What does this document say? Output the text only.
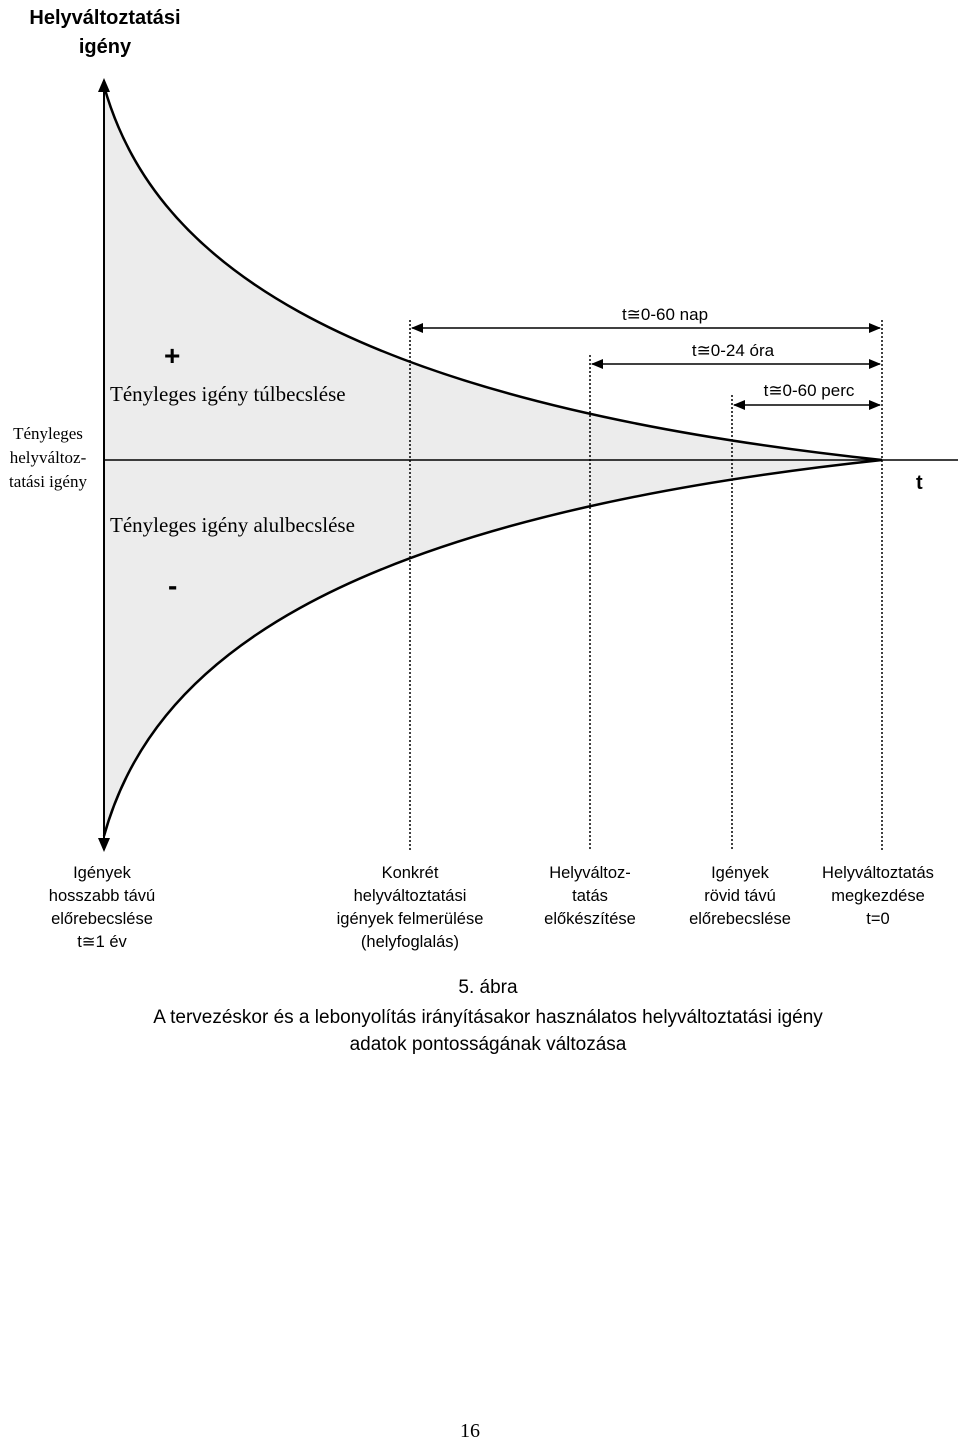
Helyváltoztatási
igény
Tényleges
helyváltoz-
tatási igény	t
+
-
Tényleges igény túlbecslése
Tényleges igény alulbecslése
t≅0-60 nap
t≅0-24 óra
t≅0-60 perc
Igények
hosszabb távú
előrebecslése
t≅1 év
Konkrét
helyváltoztatási
igények felmerülése
(helyfoglalás)
Helyváltoz-
tatás
előkészítése
Igények
rövid távú
előrebecslése
Helyváltoztatás
megkezdése
t=0
5. ábra
A tervezéskor és a lebonyolítás irányításakor használatos helyváltoztatási igény
adatok pontosságának változása
16
